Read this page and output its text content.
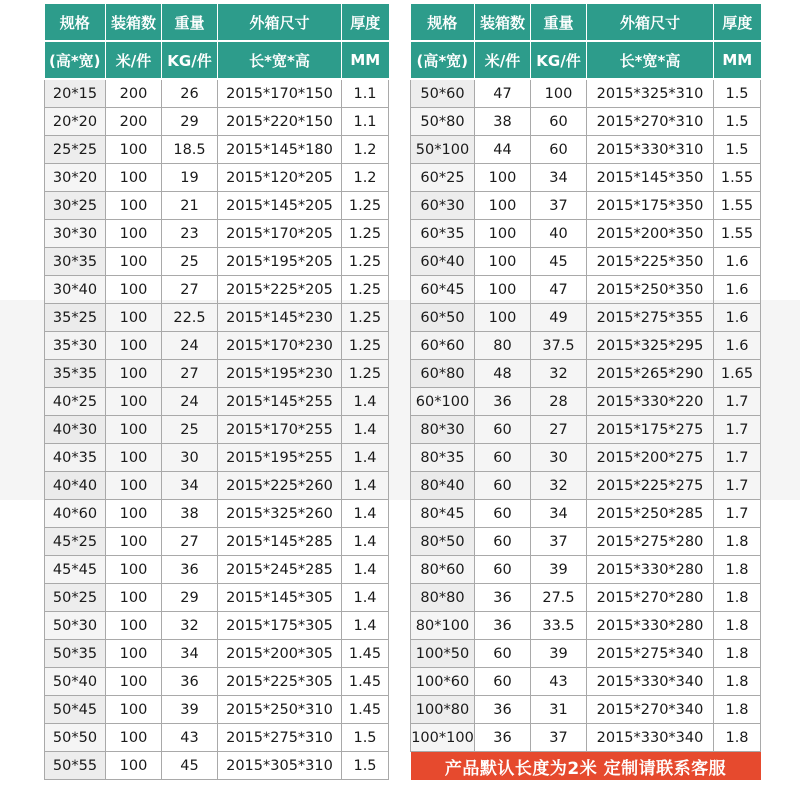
规格	装箱数	重量	外箱尺寸	厚度
(高*宽)	米/件	KG/件	长*宽*高	MM
20*15	200	26	2015*170*150	1.1
20*20	200	29	2015*220*150	1.1
25*25	100	18.5	2015*145*180	1.2
30*20	100	19	2015*120*205	1.2
30*25	100	21	2015*145*205	1.25
30*30	100	23	2015*170*205	1.25
30*35	100	25	2015*195*205	1.25
30*40	100	27	2015*225*205	1.25
35*25	100	22.5	2015*145*230	1.25
35*30	100	24	2015*170*230	1.25
35*35	100	27	2015*195*230	1.25
40*25	100	24	2015*145*255	1.4
40*30	100	25	2015*170*255	1.4
40*35	100	30	2015*195*255	1.4
40*40	100	34	2015*225*260	1.4
40*60	100	38	2015*325*260	1.4
45*25	100	27	2015*145*285	1.4
45*45	100	36	2015*245*285	1.4
50*25	100	29	2015*145*305	1.4
50*30	100	32	2015*175*305	1.4
50*35	100	34	2015*200*305	1.45
50*40	100	36	2015*225*305	1.45
50*45	100	39	2015*250*310	1.45
50*50	100	43	2015*275*310	1.5
50*55	100	45	2015*305*310	1.5
规格	装箱数	重量	外箱尺寸	厚度
(高*宽)	米/件	KG/件	长*宽*高	MM
50*60	47	100	2015*325*310	1.5
50*80	38	60	2015*270*310	1.5
50*100	44	60	2015*330*310	1.5
60*25	100	34	2015*145*350	1.55
60*30	100	37	2015*175*350	1.55
60*35	100	40	2015*200*350	1.55
60*40	100	45	2015*225*350	1.6
60*45	100	47	2015*250*350	1.6
60*50	100	49	2015*275*355	1.6
60*60	80	37.5	2015*325*295	1.6
60*80	48	32	2015*265*290	1.65
60*100	36	28	2015*330*220	1.7
80*30	60	27	2015*175*275	1.7
80*35	60	30	2015*200*275	1.7
80*40	60	32	2015*225*275	1.7
80*45	60	34	2015*250*285	1.7
80*50	60	37	2015*275*280	1.8
80*60	60	39	2015*330*280	1.8
80*80	36	27.5	2015*270*280	1.8
80*100	36	33.5	2015*330*280	1.8
100*50	60	39	2015*275*340	1.8
100*60	60	43	2015*330*340	1.8
100*80	36	31	2015*270*340	1.8
100*100	36	37	2015*330*340	1.8
产品默认长度为2米 定制请联系客服				
